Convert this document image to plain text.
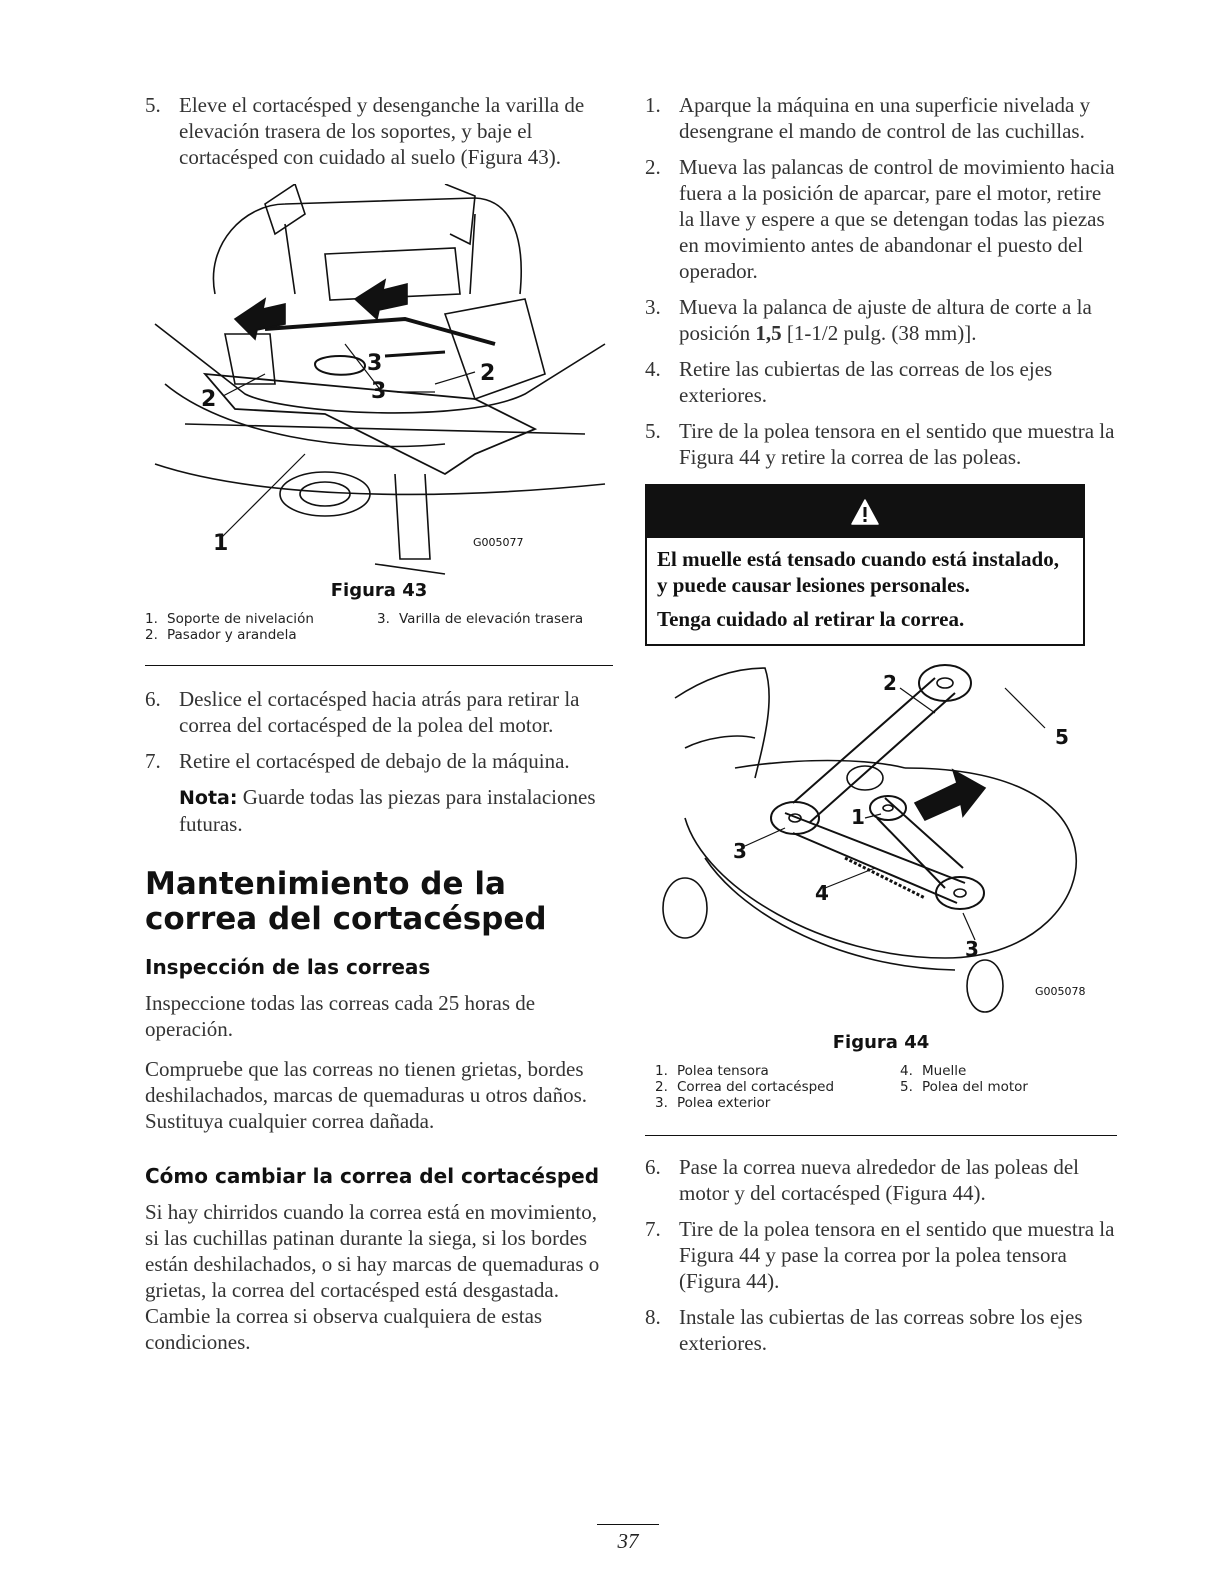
5. Eleve el cortacésped y desenganche la varilla de elevación trasera de los soportes, y baje el cortacésped con cuidado al suelo (Figura 43).
1
2
2
3
3
G005077
Figura 43
1. Soporte de nivelación	3. Varilla de elevación trasera
2. Pasador y arandela
6. Deslice el cortacésped hacia atrás para retirar la correa del cortacésped de la polea del motor.
7. Retire el cortacésped de debajo de la máquina.
Nota: Guarde todas las piezas para instalaciones futuras.
Mantenimiento de la correa del cortacésped
Inspección de las correas

Inspeccione todas las correas cada 25 horas de operación.

Compruebe que las correas no tienen grietas, bordes deshilachados, marcas de quemaduras u otros daños. Sustituya cualquier correa dañada.

Cómo cambiar la correa del cortacésped

Si hay chirridos cuando la correa está en movimiento, si las cuchillas patinan durante la siega, si los bordes están deshilachados, o si hay marcas de quemaduras o grietas, la correa del cortacésped está desgastada. Cambie la correa si observa cualquiera de estas condiciones.

1. Aparque la máquina en una superficie nivelada y desengrane el mando de control de las cuchillas.
2. Mueva las palancas de control de movimiento hacia fuera a la posición de aparcar, pare el motor, retire la llave y espere a que se detengan todas las piezas en movimiento antes de abandonar el puesto del operador.
3. Mueva la palanca de ajuste de altura de corte a la posición 1,5 [1-1/2 pulg. (38 mm)].
4. Retire las cubiertas de las correas de los ejes exteriores.
5. Tire de la polea tensora en el sentido que muestra la Figura 44 y retire la correa de las poleas.

El muelle está tensado cuando está instalado, y puede causar lesiones personales.

Tenga cuidado al retirar la correa.

1
2
3
3
4
5
G005078
Figura 44
1. Polea tensora	4. Muelle
2. Correa del cortacésped	5. Polea del motor
3. Polea exterior
6. Pase la correa nueva alrededor de las poleas del motor y del cortacésped (Figura 44).
7. Tire de la polea tensora en el sentido que muestra la Figura 44 y pase la correa por la polea tensora (Figura 44).
8. Instale las cubiertas de las correas sobre los ejes exteriores.
37
